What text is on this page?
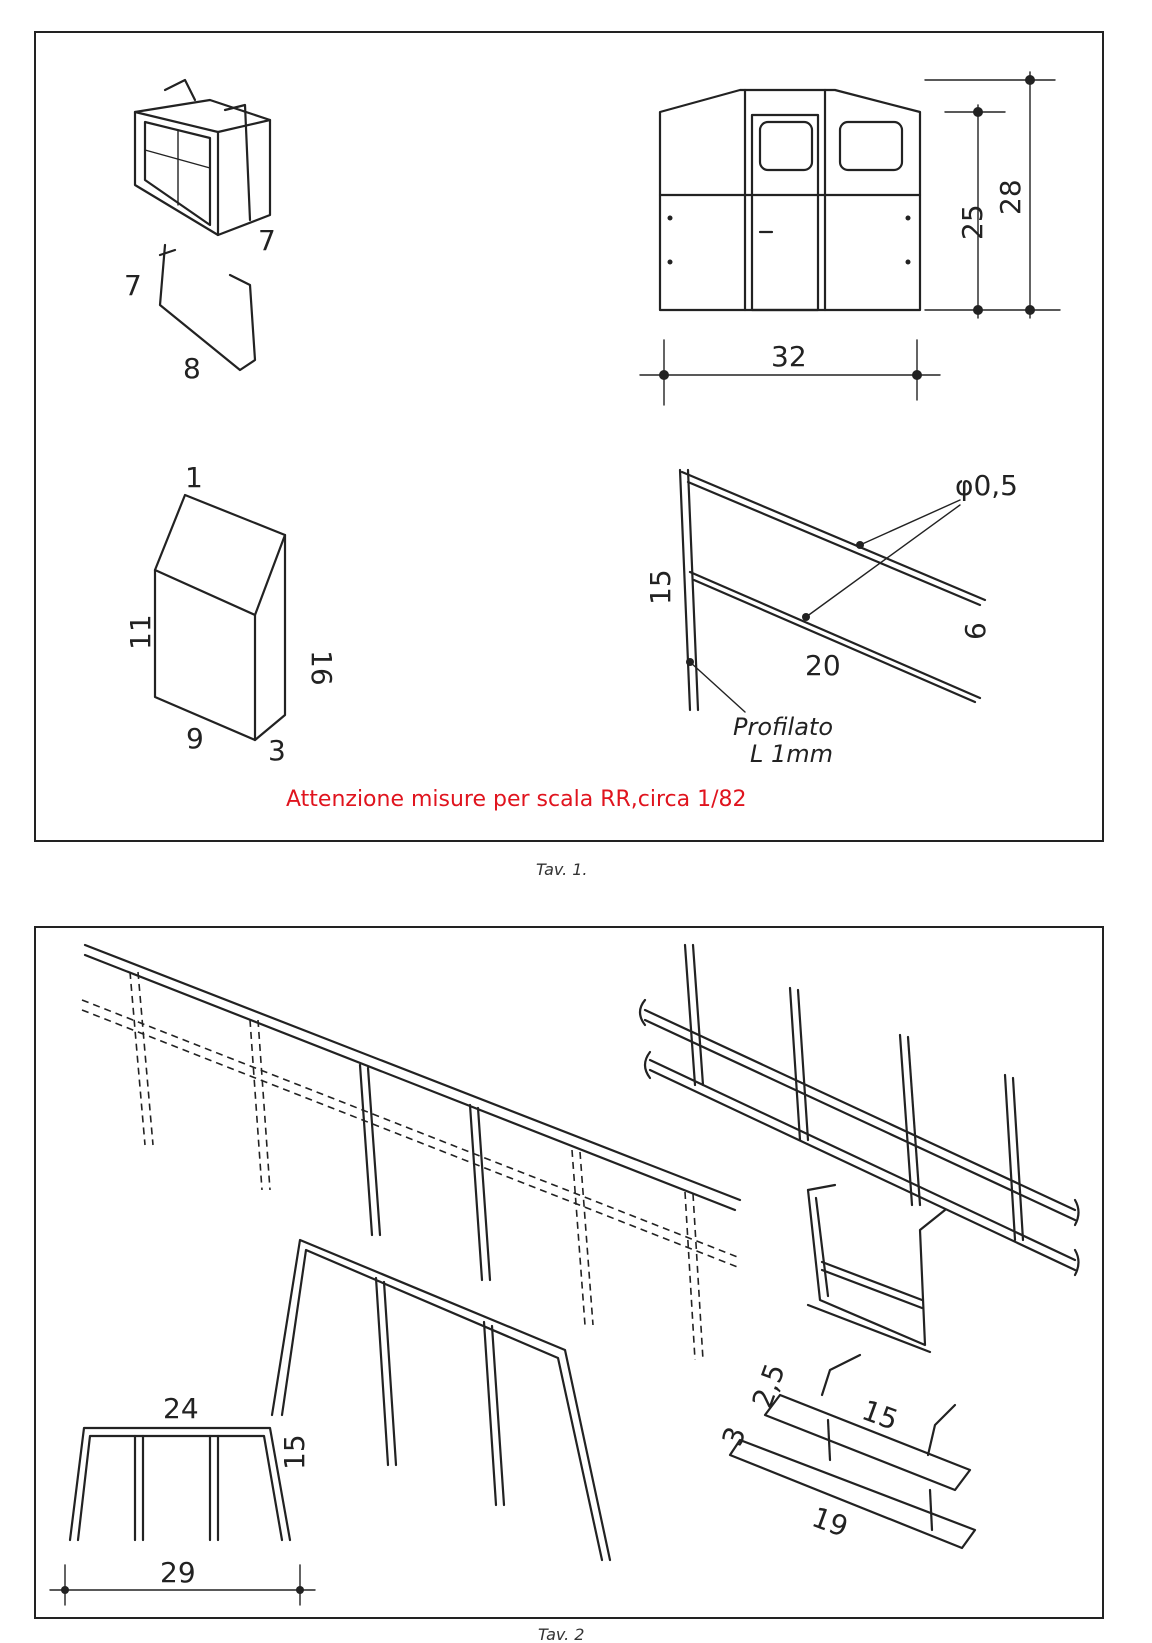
7
7
8	32
25
28
1
11
16
9 3
φ0,5
15
20
6
Profilato
L 1mm
24
15
29
2,5
15
3
19
Attenzione misure per scala RR,circa 1/82
Tav. 1.
Tav. 2
